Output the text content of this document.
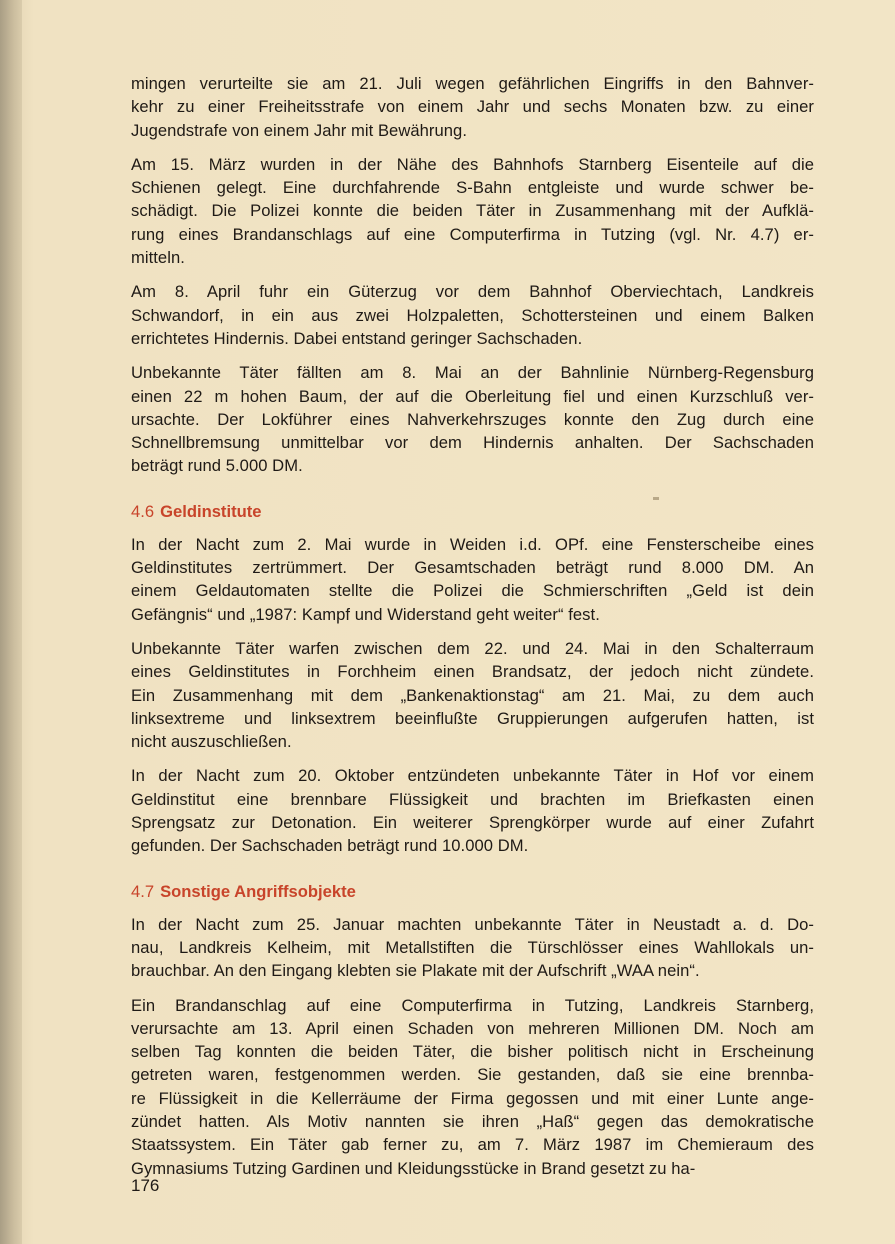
mingen verurteilte sie am 21. Juli wegen gefährlichen Eingriffs in den Bahnver-
kehr zu einer Freiheitsstrafe von einem Jahr und sechs Monaten bzw. zu einer
Jugendstrafe von einem Jahr mit Bewährung.

Am 15. März wurden in der Nähe des Bahnhofs Starnberg Eisenteile auf die
Schienen gelegt. Eine durchfahrende S-Bahn entgleiste und wurde schwer be-
schädigt. Die Polizei konnte die beiden Täter in Zusammenhang mit der Aufklä-
rung eines Brandanschlags auf eine Computerfirma in Tutzing (vgl. Nr. 4.7) er-
mitteln.

Am 8. April fuhr ein Güterzug vor dem Bahnhof Oberviechtach, Landkreis
Schwandorf, in ein aus zwei Holzpaletten, Schottersteinen und einem Balken
errichtetes Hindernis. Dabei entstand geringer Sachschaden.

Unbekannte Täter fällten am 8. Mai an der Bahnlinie Nürnberg-Regensburg
einen 22 m hohen Baum, der auf die Oberleitung fiel und einen Kurzschluß ver-
ursachte. Der Lokführer eines Nahverkehrszuges konnte den Zug durch eine
Schnellbremsung unmittelbar vor dem Hindernis anhalten. Der Sachschaden
beträgt rund 5.000 DM.

4.6 Geldinstitute

In der Nacht zum 2. Mai wurde in Weiden i.d. OPf. eine Fensterscheibe eines
Geldinstitutes zertrümmert. Der Gesamtschaden beträgt rund 8.000 DM. An
einem Geldautomaten stellte die Polizei die Schmierschriften „Geld ist dein
Gefängnis“ und „1987: Kampf und Widerstand geht weiter“ fest.

Unbekannte Täter warfen zwischen dem 22. und 24. Mai in den Schalterraum
eines Geldinstitutes in Forchheim einen Brandsatz, der jedoch nicht zündete.
Ein Zusammenhang mit dem „Bankenaktionstag“ am 21. Mai, zu dem auch
linksextreme und linksextrem beeinflußte Gruppierungen aufgerufen hatten, ist
nicht auszuschließen.

In der Nacht zum 20. Oktober entzündeten unbekannte Täter in Hof vor einem
Geldinstitut eine brennbare Flüssigkeit und brachten im Briefkasten einen
Sprengsatz zur Detonation. Ein weiterer Sprengkörper wurde auf einer Zufahrt
gefunden. Der Sachschaden beträgt rund 10.000 DM.

4.7 Sonstige Angriffsobjekte

In der Nacht zum 25. Januar machten unbekannte Täter in Neustadt a. d. Do-
nau, Landkreis Kelheim, mit Metallstiften die Türschlösser eines Wahllokals un-
brauchbar. An den Eingang klebten sie Plakate mit der Aufschrift „WAA nein“.

Ein Brandanschlag auf eine Computerfirma in Tutzing, Landkreis Starnberg,
verursachte am 13. April einen Schaden von mehreren Millionen DM. Noch am
selben Tag konnten die beiden Täter, die bisher politisch nicht in Erscheinung
getreten waren, festgenommen werden. Sie gestanden, daß sie eine brennba-
re Flüssigkeit in die Kellerräume der Firma gegossen und mit einer Lunte ange-
zündet hatten. Als Motiv nannten sie ihren „Haß“ gegen das demokratische
Staatssystem. Ein Täter gab ferner zu, am 7. März 1987 im Chemieraum des
Gymnasiums Tutzing Gardinen und Kleidungsstücke in Brand gesetzt zu ha-

176
